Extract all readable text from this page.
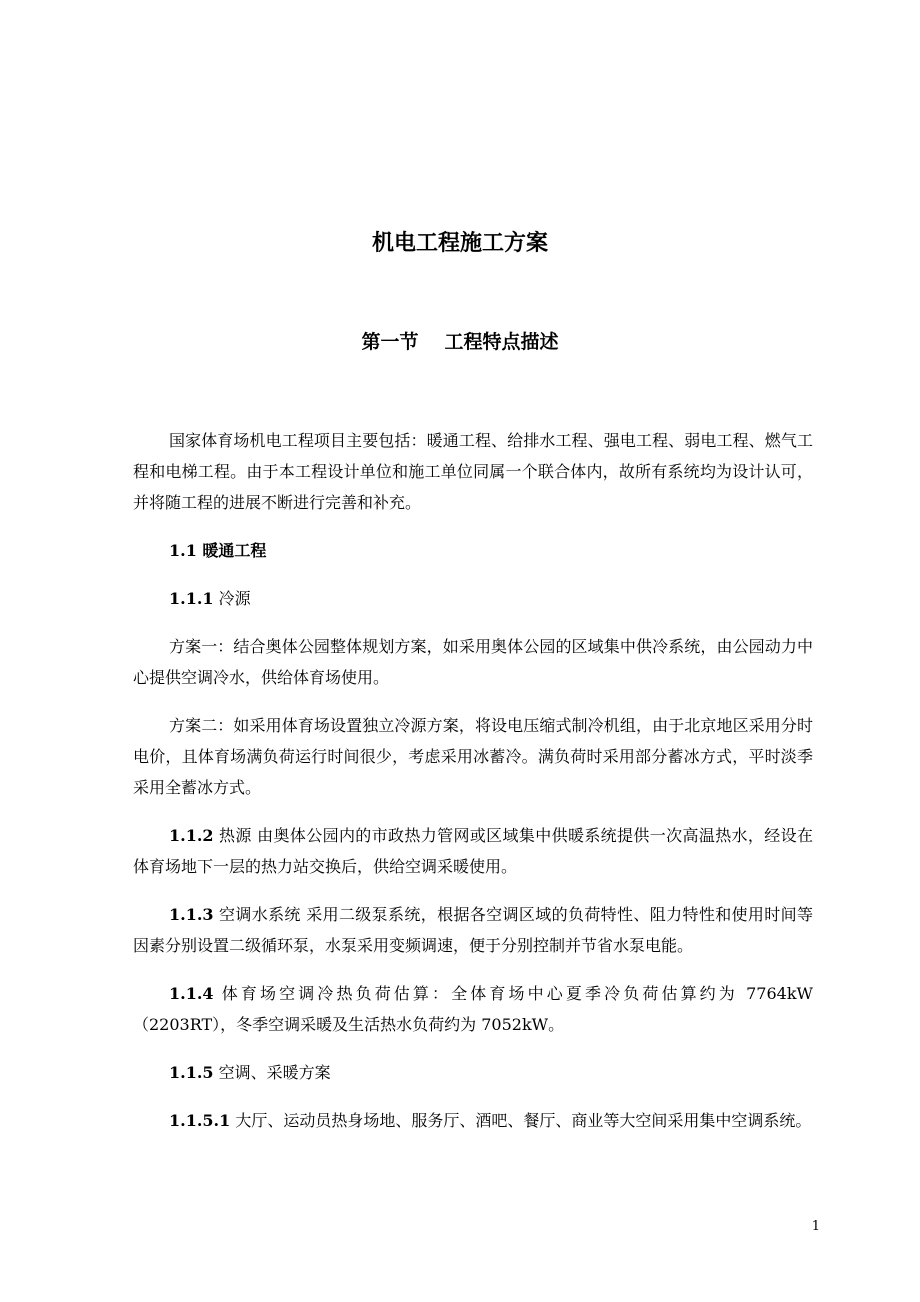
机电工程施工方案
第一节 工程特点描述

国家体育场机电工程项目主要包括：暖通工程、给排水工程、强电工程、弱电工程、燃气工程和电梯工程。由于本工程设计单位和施工单位同属一个联合体内，故所有系统均为设计认可，并将随工程的进展不断进行完善和补充。

1.1 暖通工程

1.1.1 冷源

方案一：结合奥体公园整体规划方案，如采用奥体公园的区域集中供冷系统，由公园动力中心提供空调冷水，供给体育场使用。

方案二：如采用体育场设置独立冷源方案，将设电压缩式制冷机组，由于北京地区采用分时电价，且体育场满负荷运行时间很少，考虑采用冰蓄冷。满负荷时采用部分蓄冰方式，平时淡季采用全蓄冰方式。

1.1.2 热源 由奥体公园内的市政热力管网或区域集中供暖系统提供一次高温热水，经设在体育场地下一层的热力站交换后，供给空调采暖使用。

1.1.3 空调水系统 采用二级泵系统，根据各空调区域的负荷特性、阻力特性和使用时间等因素分别设置二级循环泵，水泵采用变频调速，便于分别控制并节省水泵电能。

1.1.4 体育场空调冷热负荷估算：全体育场中心夏季冷负荷估算约为 7764kW（2203RT），冬季空调采暖及生活热水负荷约为 7052kW。

1.1.5 空调、采暖方案

1.1.5.1 大厅、运动员热身场地、服务厅、酒吧、餐厅、商业等大空间采用集中空调系统。

1
